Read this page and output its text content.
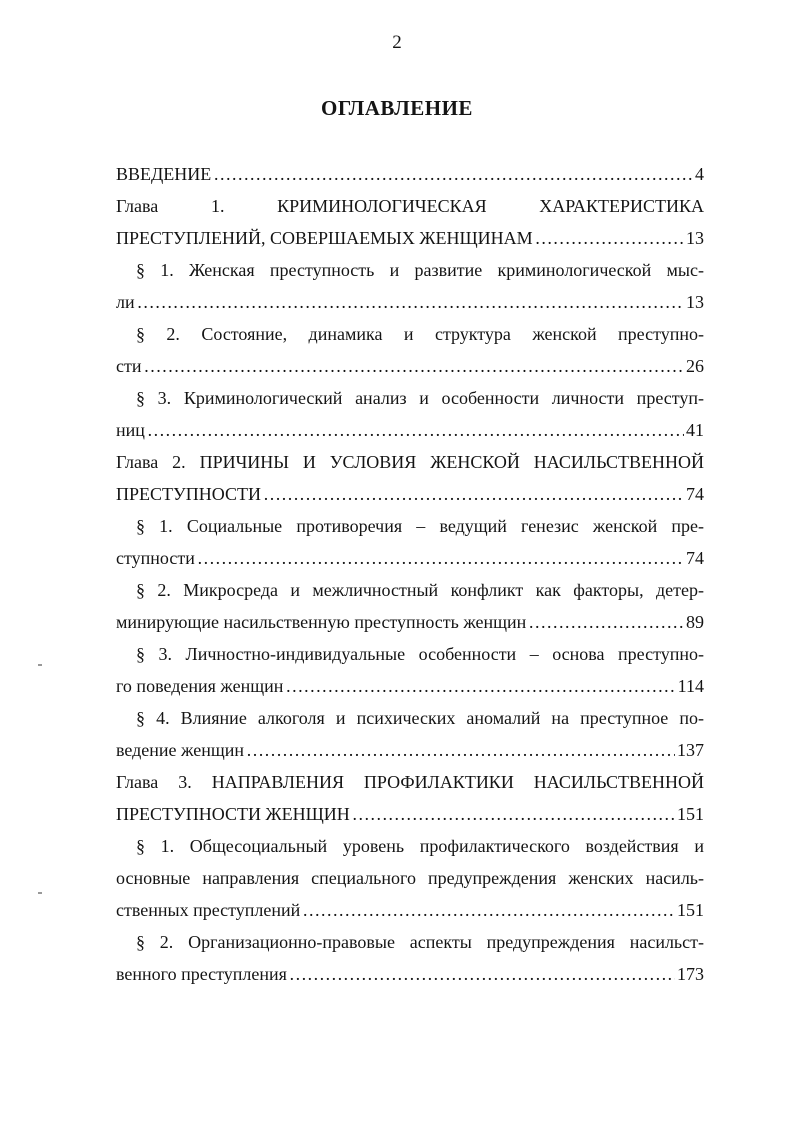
2
ОГЛАВЛЕНИЕ
ВВЕДЕНИЕ …………………………………………………………………………………………………………………………………………………………………………………………………………………	4
Глава 1. КРИМИНОЛОГИЧЕСКАЯ ХАРАКТЕРИСТИКА
ПРЕСТУПЛЕНИЙ, СОВЕРШАЕМЫХ ЖЕНЩИНАМ …………………………………………………………………………………………………………………………………………………………………………………………………………………	13
§ 1. Женская преступность и развитие криминологической мыс-
ли …………………………………………………………………………………………………………………………………………………………………………………………………………………	13
§ 2. Состояние, динамика и структура женской преступно-
сти …………………………………………………………………………………………………………………………………………………………………………………………………………………	26
§ 3. Криминологический анализ и особенности личности преступ-
ниц …………………………………………………………………………………………………………………………………………………………………………………………………………………	41
Глава 2. ПРИЧИНЫ И УСЛОВИЯ ЖЕНСКОЙ НАСИЛЬСТВЕННОЙ
ПРЕСТУПНОСТИ …………………………………………………………………………………………………………………………………………………………………………………………………………………	74
§ 1. Социальные противоречия – ведущий генезис женской пре-
ступности …………………………………………………………………………………………………………………………………………………………………………………………………………………	74
§ 2. Микросреда и межличностный конфликт как факторы, детер-
минирующие насильственную преступность женщин …………………………………………………………………………………………………………………………………………………………………………………………………………………	89
§ 3. Личностно-индивидуальные особенности – основа преступно-
го поведения женщин …………………………………………………………………………………………………………………………………………………………………………………………………………………	114
§ 4. Влияние алкоголя и психических аномалий на преступное по-
ведение женщин …………………………………………………………………………………………………………………………………………………………………………………………………………………	137
Глава 3. НАПРАВЛЕНИЯ ПРОФИЛАКТИКИ НАСИЛЬСТВЕННОЙ
ПРЕСТУПНОСТИ ЖЕНЩИН …………………………………………………………………………………………………………………………………………………………………………………………………………………	151
§ 1. Общесоциальный уровень профилактического воздействия и
основные направления специального предупреждения женских насиль-
ственных преступлений …………………………………………………………………………………………………………………………………………………………………………………………………………………	151
§ 2. Организационно-правовые аспекты предупреждения насильст-
венного преступления …………………………………………………………………………………………………………………………………………………………………………………………………………………	173
